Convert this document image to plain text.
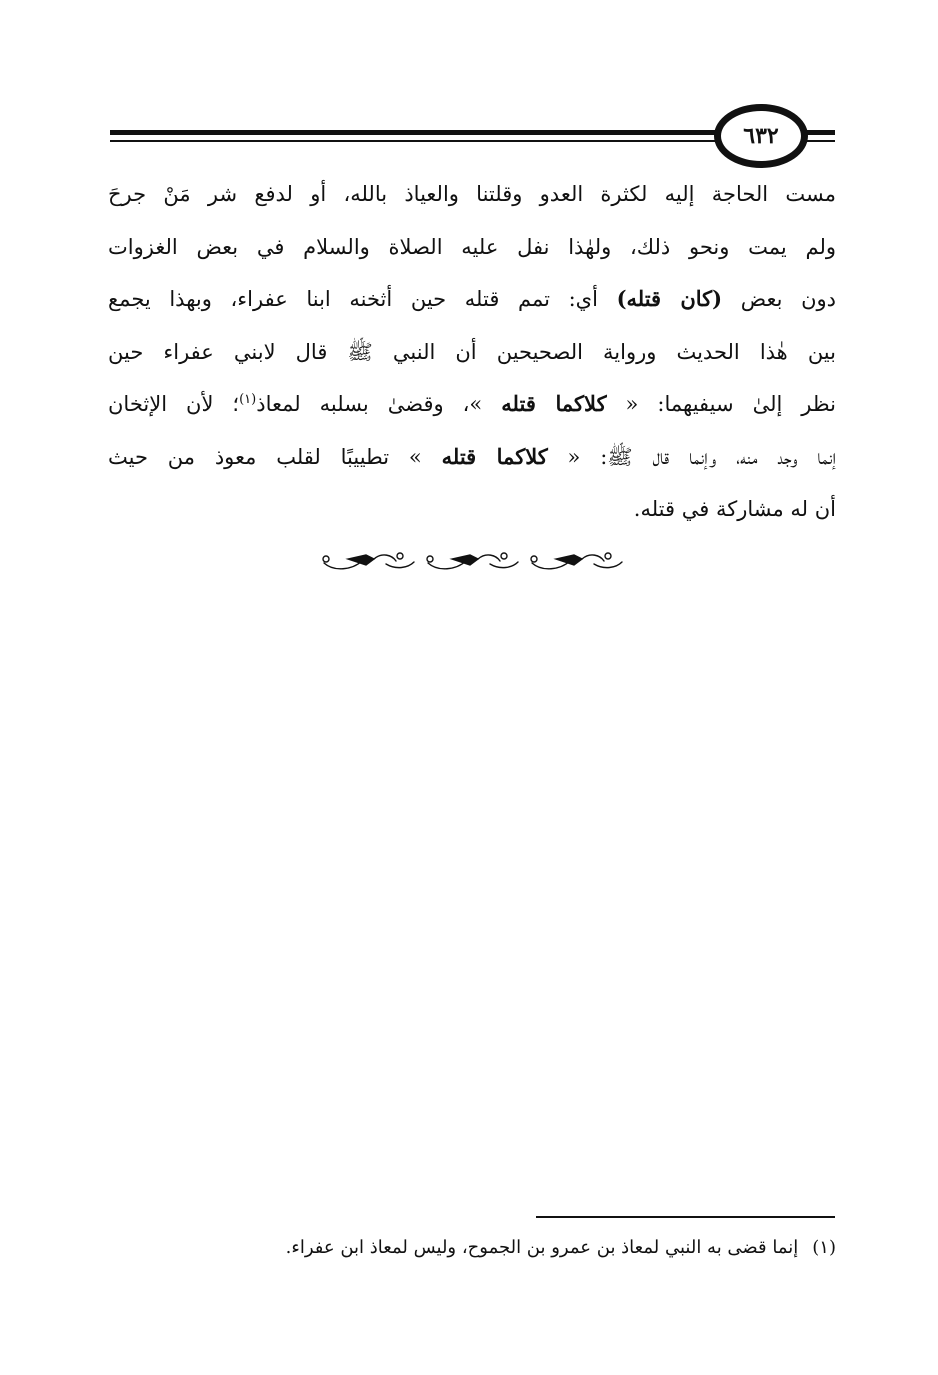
٦٣٢
مست الحاجة إليه لكثرة العدو وقلتنا والعياذ بالله، أو لدفع شر مَنْ جرحَ
ولم يمت ونحو ذلك، ولهٰذا نفل عليه الصلاة والسلام في بعض الغزوات
دون بعض (كان قتله) أي: تمم قتله حين أثخنه ابنا عفراء، وبهذا يجمع
بين هٰذا الحديث ورواية الصحيحين أن النبي ﷺ قال لابني عفراء حين
نظر إلىٰ سيفيهما: « كلاكما قتله »، وقضىٰ بسلبه لمعاذ$^{(١)}$؛ لأن الإثخان
إنما وجد منه، وإنما قال ﷺ: « كلاكما قتله » تطييبًا لقلب معوذ من حيث
أن له مشاركة في قتله.
(١)إنما قضى به النبي لمعاذ بن عمرو بن الجموح، وليس لمعاذ ابن عفراء.
